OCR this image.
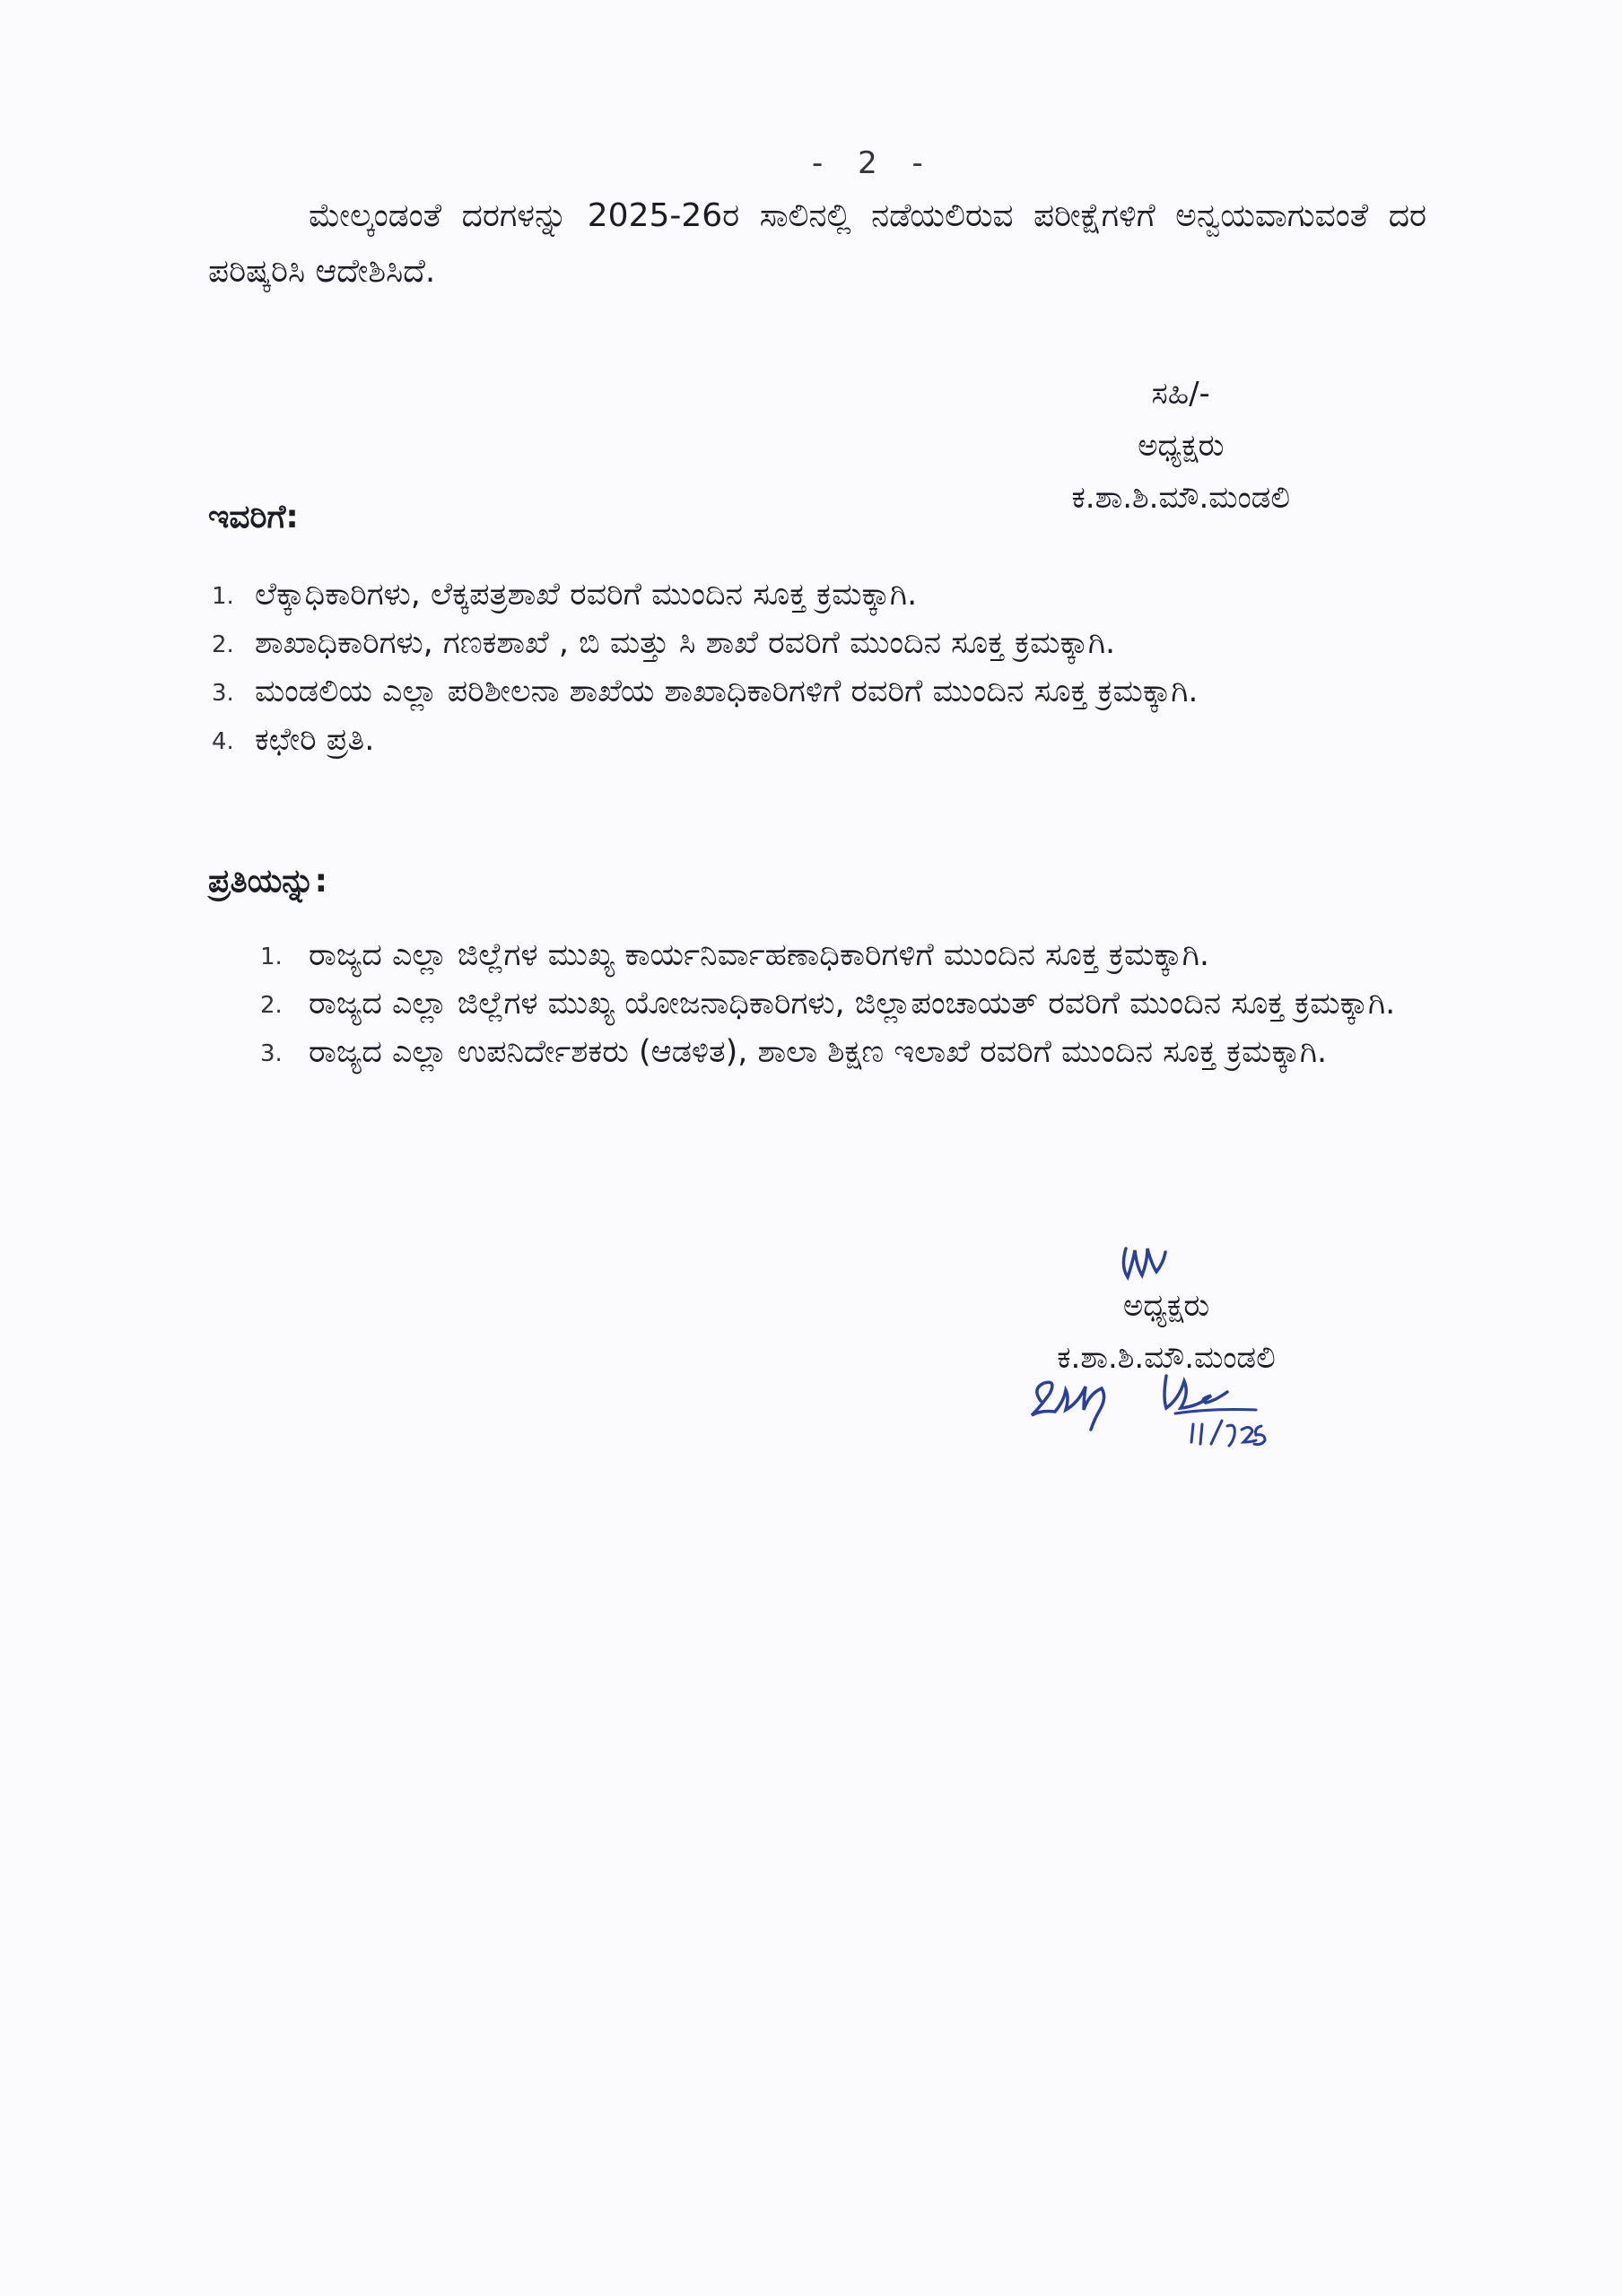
- 2 -
ಮೇಲ್ಕಂಡಂತೆ ದರಗಳನ್ನು 2025-26ರ ಸಾಲಿನಲ್ಲಿ ನಡೆಯಲಿರುವ ಪರೀಕ್ಷೆಗಳಿಗೆ ಅನ್ವಯವಾಗುವಂತೆ ದರ ಪರಿಷ್ಕರಿಸಿ ಆದೇಶಿಸಿದೆ.
ಸಹಿ/-
ಅಧ್ಯಕ್ಷರು
ಕ.ಶಾ.ಶಿ.ಮೌ.ಮಂಡಲಿ
ಇವರಿಗೆ:
1. ಲೆಕ್ಕಾಧಿಕಾರಿಗಳು, ಲೆಕ್ಕಪತ್ರಶಾಖೆ ರವರಿಗೆ ಮುಂದಿನ ಸೂಕ್ತ ಕ್ರಮಕ್ಕಾಗಿ.
2. ಶಾಖಾಧಿಕಾರಿಗಳು, ಗಣಕಶಾಖೆ , ಬಿ ಮತ್ತು ಸಿ ಶಾಖೆ ರವರಿಗೆ ಮುಂದಿನ ಸೂಕ್ತ ಕ್ರಮಕ್ಕಾಗಿ.
3. ಮಂಡಲಿಯ ಎಲ್ಲಾ ಪರಿಶೀಲನಾ ಶಾಖೆಯ ಶಾಖಾಧಿಕಾರಿಗಳಿಗೆ ರವರಿಗೆ ಮುಂದಿನ ಸೂಕ್ತ ಕ್ರಮಕ್ಕಾಗಿ.
4. ಕಛೇರಿ ಪ್ರತಿ.
ಪ್ರತಿಯನ್ನು:
1. ರಾಜ್ಯದ ಎಲ್ಲಾ ಜಿಲ್ಲೆಗಳ ಮುಖ್ಯ ಕಾರ್ಯನಿರ್ವಾಹಣಾಧಿಕಾರಿಗಳಿಗೆ ಮುಂದಿನ ಸೂಕ್ತ ಕ್ರಮಕ್ಕಾಗಿ.
2. ರಾಜ್ಯದ ಎಲ್ಲಾ ಜಿಲ್ಲೆಗಳ ಮುಖ್ಯ ಯೋಜನಾಧಿಕಾರಿಗಳು, ಜಿಲ್ಲಾಪಂಚಾಯತ್ ರವರಿಗೆ ಮುಂದಿನ ಸೂಕ್ತ ಕ್ರಮಕ್ಕಾಗಿ.
3. ರಾಜ್ಯದ ಎಲ್ಲಾ ಉಪನಿರ್ದೇಶಕರು (ಆಡಳಿತ), ಶಾಲಾ ಶಿಕ್ಷಣ ಇಲಾಖೆ ರವರಿಗೆ ಮುಂದಿನ ಸೂಕ್ತ ಕ್ರಮಕ್ಕಾಗಿ.
ಅಧ್ಯಕ್ಷರು
ಕ.ಶಾ.ಶಿ.ಮೌ.ಮಂಡಲಿ
